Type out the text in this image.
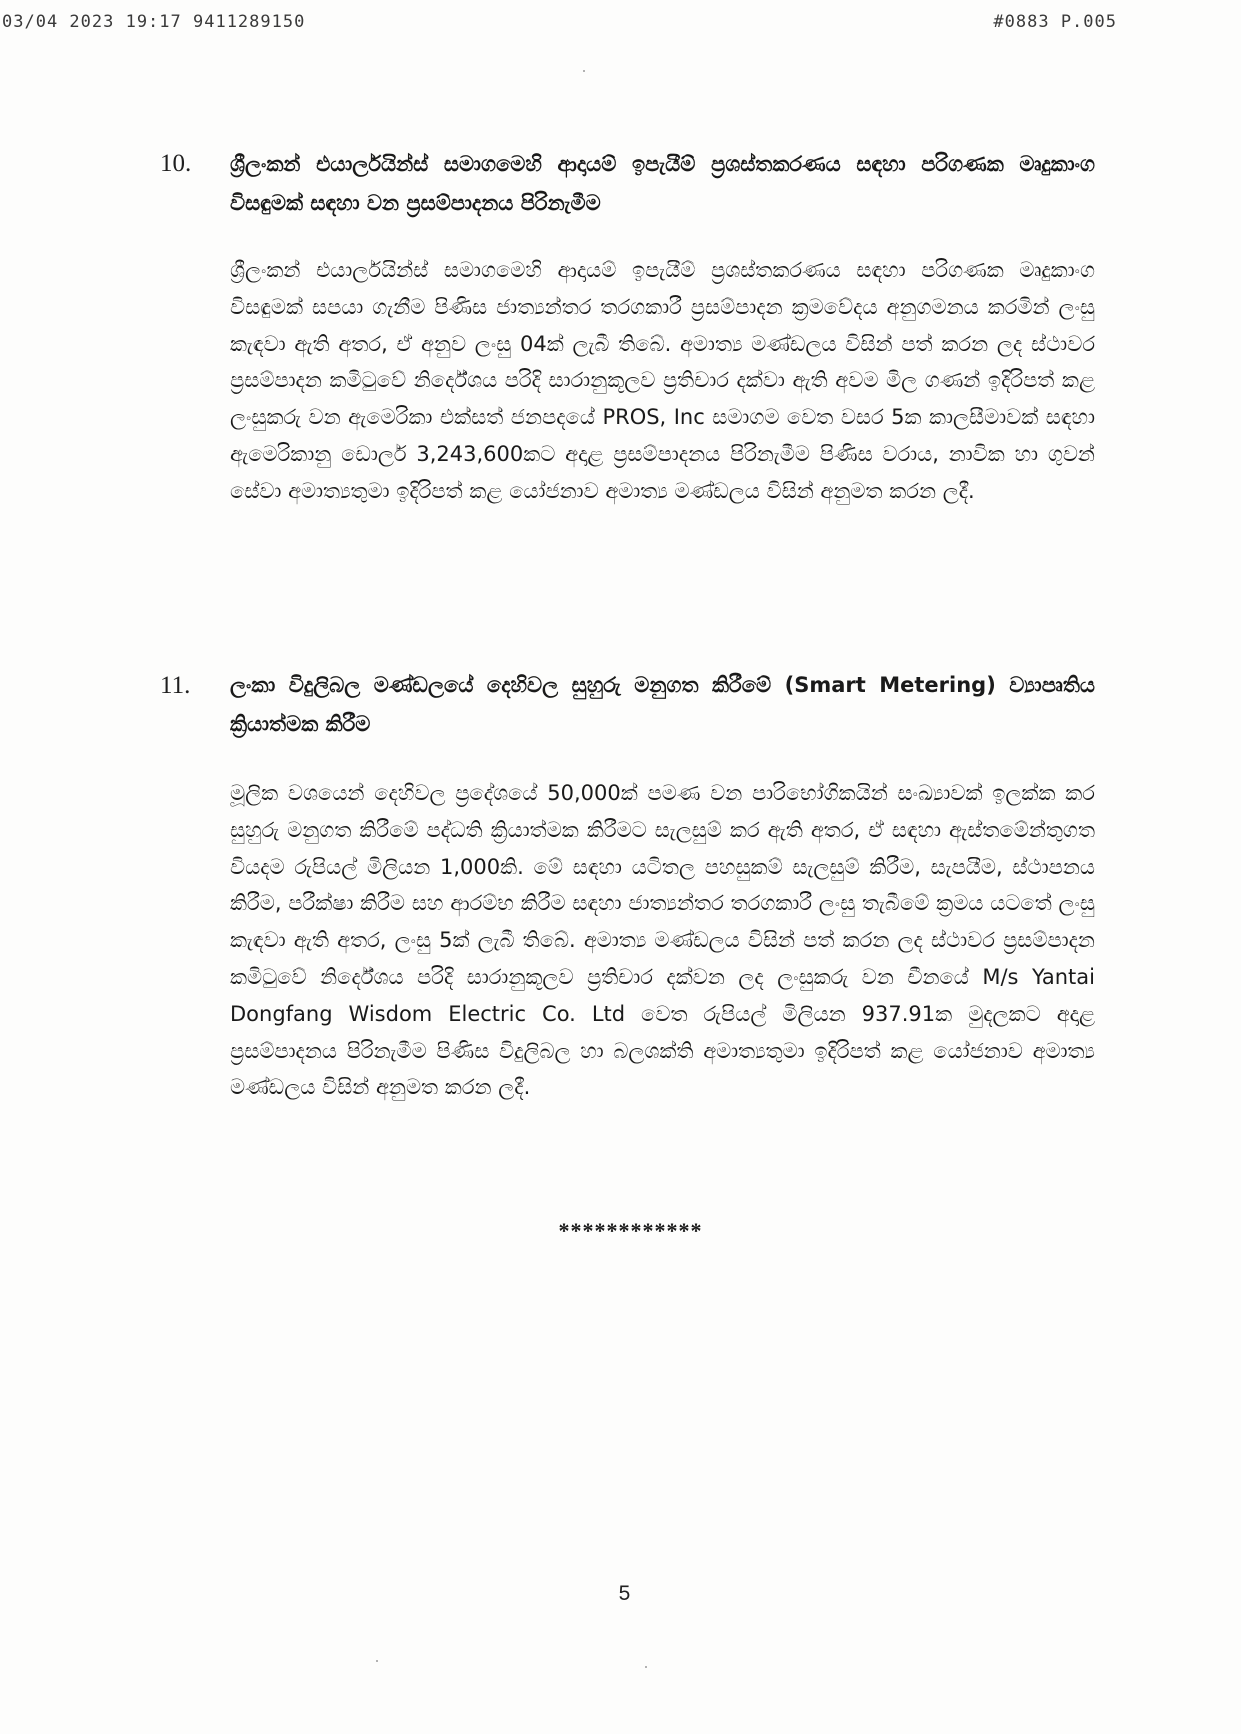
03/04 2023 19:17 9411289150	#0883 P.005
10. ශ්‍රීලංකන් එයාර්ලයින්ස් සමාගමෙහි ආදායම් ඉපැයීම් ප්‍රශස්තකරණය සඳහා පරිගණක මෘදුකාංග විසඳුමක් සඳහා වන ප්‍රසම්පාදනය පිරිනැමීම
ශ්‍රීලංකන් එයාර්ලයින්ස් සමාගමෙහි ආදායම් ඉපැයීම් ප්‍රශස්තකරණය සඳහා පරිගණක මෘදුකාංග විසඳුමක් සපයා ගැනීම පිණිස ජාත්‍යන්තර තරගකාරී ප්‍රසම්පාදන ක්‍රමවේදය අනුගමනය කරමින් ලංසු කැඳවා ඇති අතර, ඒ අනුව ලංසු 04ක් ලැබී තිබේ. අමාත්‍ය මණ්ඩලය විසින් පත් කරන ලද ස්ථාවර ප්‍රසම්පාදන කමිටුවේ නිර්දේශය පරිදි සාරානුකූලව ප්‍රතිචාර දක්වා ඇති අවම මිල ගණන් ඉදිරිපත් කළ ලංසුකරු වන ඇමෙරිකා එක්සත් ජනපදයේ PROS, Inc සමාගම වෙත වසර 5ක කාලසීමාවක් සඳහා ඇමෙරිකානු ඩොලර් 3,243,600කට අදාළ ප්‍රසම්පාදනය පිරිනැමීම පිණිස වරාය, නාවික හා ගුවන් සේවා අමාත්‍යතුමා ඉදිරිපත් කළ යෝජනාව අමාත්‍ය මණ්ඩලය විසින් අනුමත කරන ලදී.
11. ලංකා විදුලිබල මණ්ඩලයේ දෙහිවල සුහුරු මනුගත කිරීමේ (Smart Metering) ව්‍යාපෘතිය ක්‍රියාත්මක කිරීම
මූලික වශයෙන් දෙහිවල ප්‍රදේශයේ 50,000ක් පමණ වන පාරිභෝගිකයින් සංඛ්‍යාවක් ඉලක්ක කර සුහුරු මනුගත කිරීමේ පද්ධති ක්‍රියාත්මක කිරීමට සැලසුම් කර ඇති අතර, ඒ සඳහා ඇස්තමේන්තුගත වියදම රුපියල් මිලියන 1,000කි. මේ සඳහා යටිතල පහසුකම් සැලසුම් කිරීම, සැපයීම, ස්ථාපනය කිරීම, පරීක්ෂා කිරීම සහ ආරම්භ කිරීම සඳහා ජාත්‍යන්තර තරගකාරී ලංසු තැබීමේ ක්‍රමය යටතේ ලංසු කැඳවා ඇති අතර, ලංසු 5ක් ලැබී තිබේ. අමාත්‍ය මණ්ඩලය විසින් පත් කරන ලද ස්ථාවර ප්‍රසම්පාදන කමිටුවේ නිර්දේශය පරිදි සාරානුකූලව ප්‍රතිචාර දක්වන ලද ලංසුකරු වන චීනයේ M/s Yantai Dongfang Wisdom Electric Co. Ltd වෙත රුපියල් මිලියන 937.91ක මුදලකට අදාළ ප්‍රසම්පාදනය පිරිනැමීම පිණිස විදුලිබල හා බලශක්ති අමාත්‍යතුමා ඉදිරිපත් කළ යෝජනාව අමාත්‍ය මණ්ඩලය විසින් අනුමත කරන ලදී.
************
5
